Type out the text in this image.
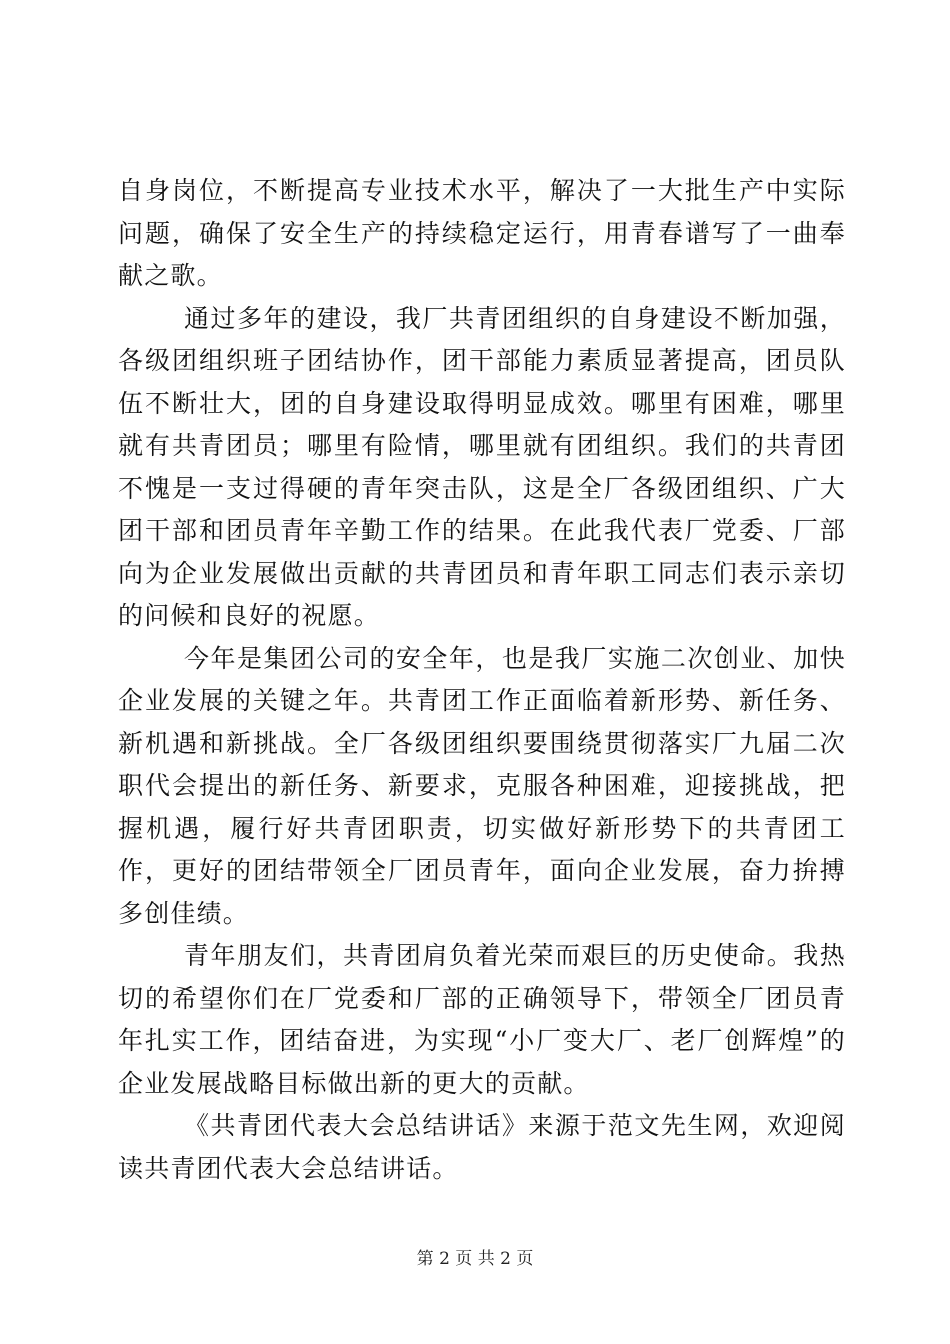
自身岗位，不断提高专业技术水平，解决了一大批生产中实际问题，确保了安全生产的持续稳定运行，用青春谱写了一曲奉献之歌。

通过多年的建设，我厂共青团组织的自身建设不断加强，各级团组织班子团结协作，团干部能力素质显著提高，团员队伍不断壮大，团的自身建设取得明显成效。哪里有困难，哪里就有共青团员；哪里有险情，哪里就有团组织。我们的共青团不愧是一支过得硬的青年突击队，这是全厂各级团组织、广大团干部和团员青年辛勤工作的结果。在此我代表厂党委、厂部向为企业发展做出贡献的共青团员和青年职工同志们表示亲切的问候和良好的祝愿。

今年是集团公司的安全年，也是我厂实施二次创业、加快企业发展的关键之年。共青团工作正面临着新形势、新任务、新机遇和新挑战。全厂各级团组织要围绕贯彻落实厂九届二次职代会提出的新任务、新要求，克服各种困难，迎接挑战，把握机遇，履行好共青团职责，切实做好新形势下的共青团工作，更好的团结带领全厂团员青年，面向企业发展，奋力拚搏多创佳绩。

青年朋友们，共青团肩负着光荣而艰巨的历史使命。我热切的希望你们在厂党委和厂部的正确领导下，带领全厂团员青年扎实工作，团结奋进，为实现“小厂变大厂、老厂创辉煌”的企业发展战略目标做出新的更大的贡献。

《共青团代表大会总结讲话》来源于范文先生网，欢迎阅读共青团代表大会总结讲话。

第 2 页 共 2 页
